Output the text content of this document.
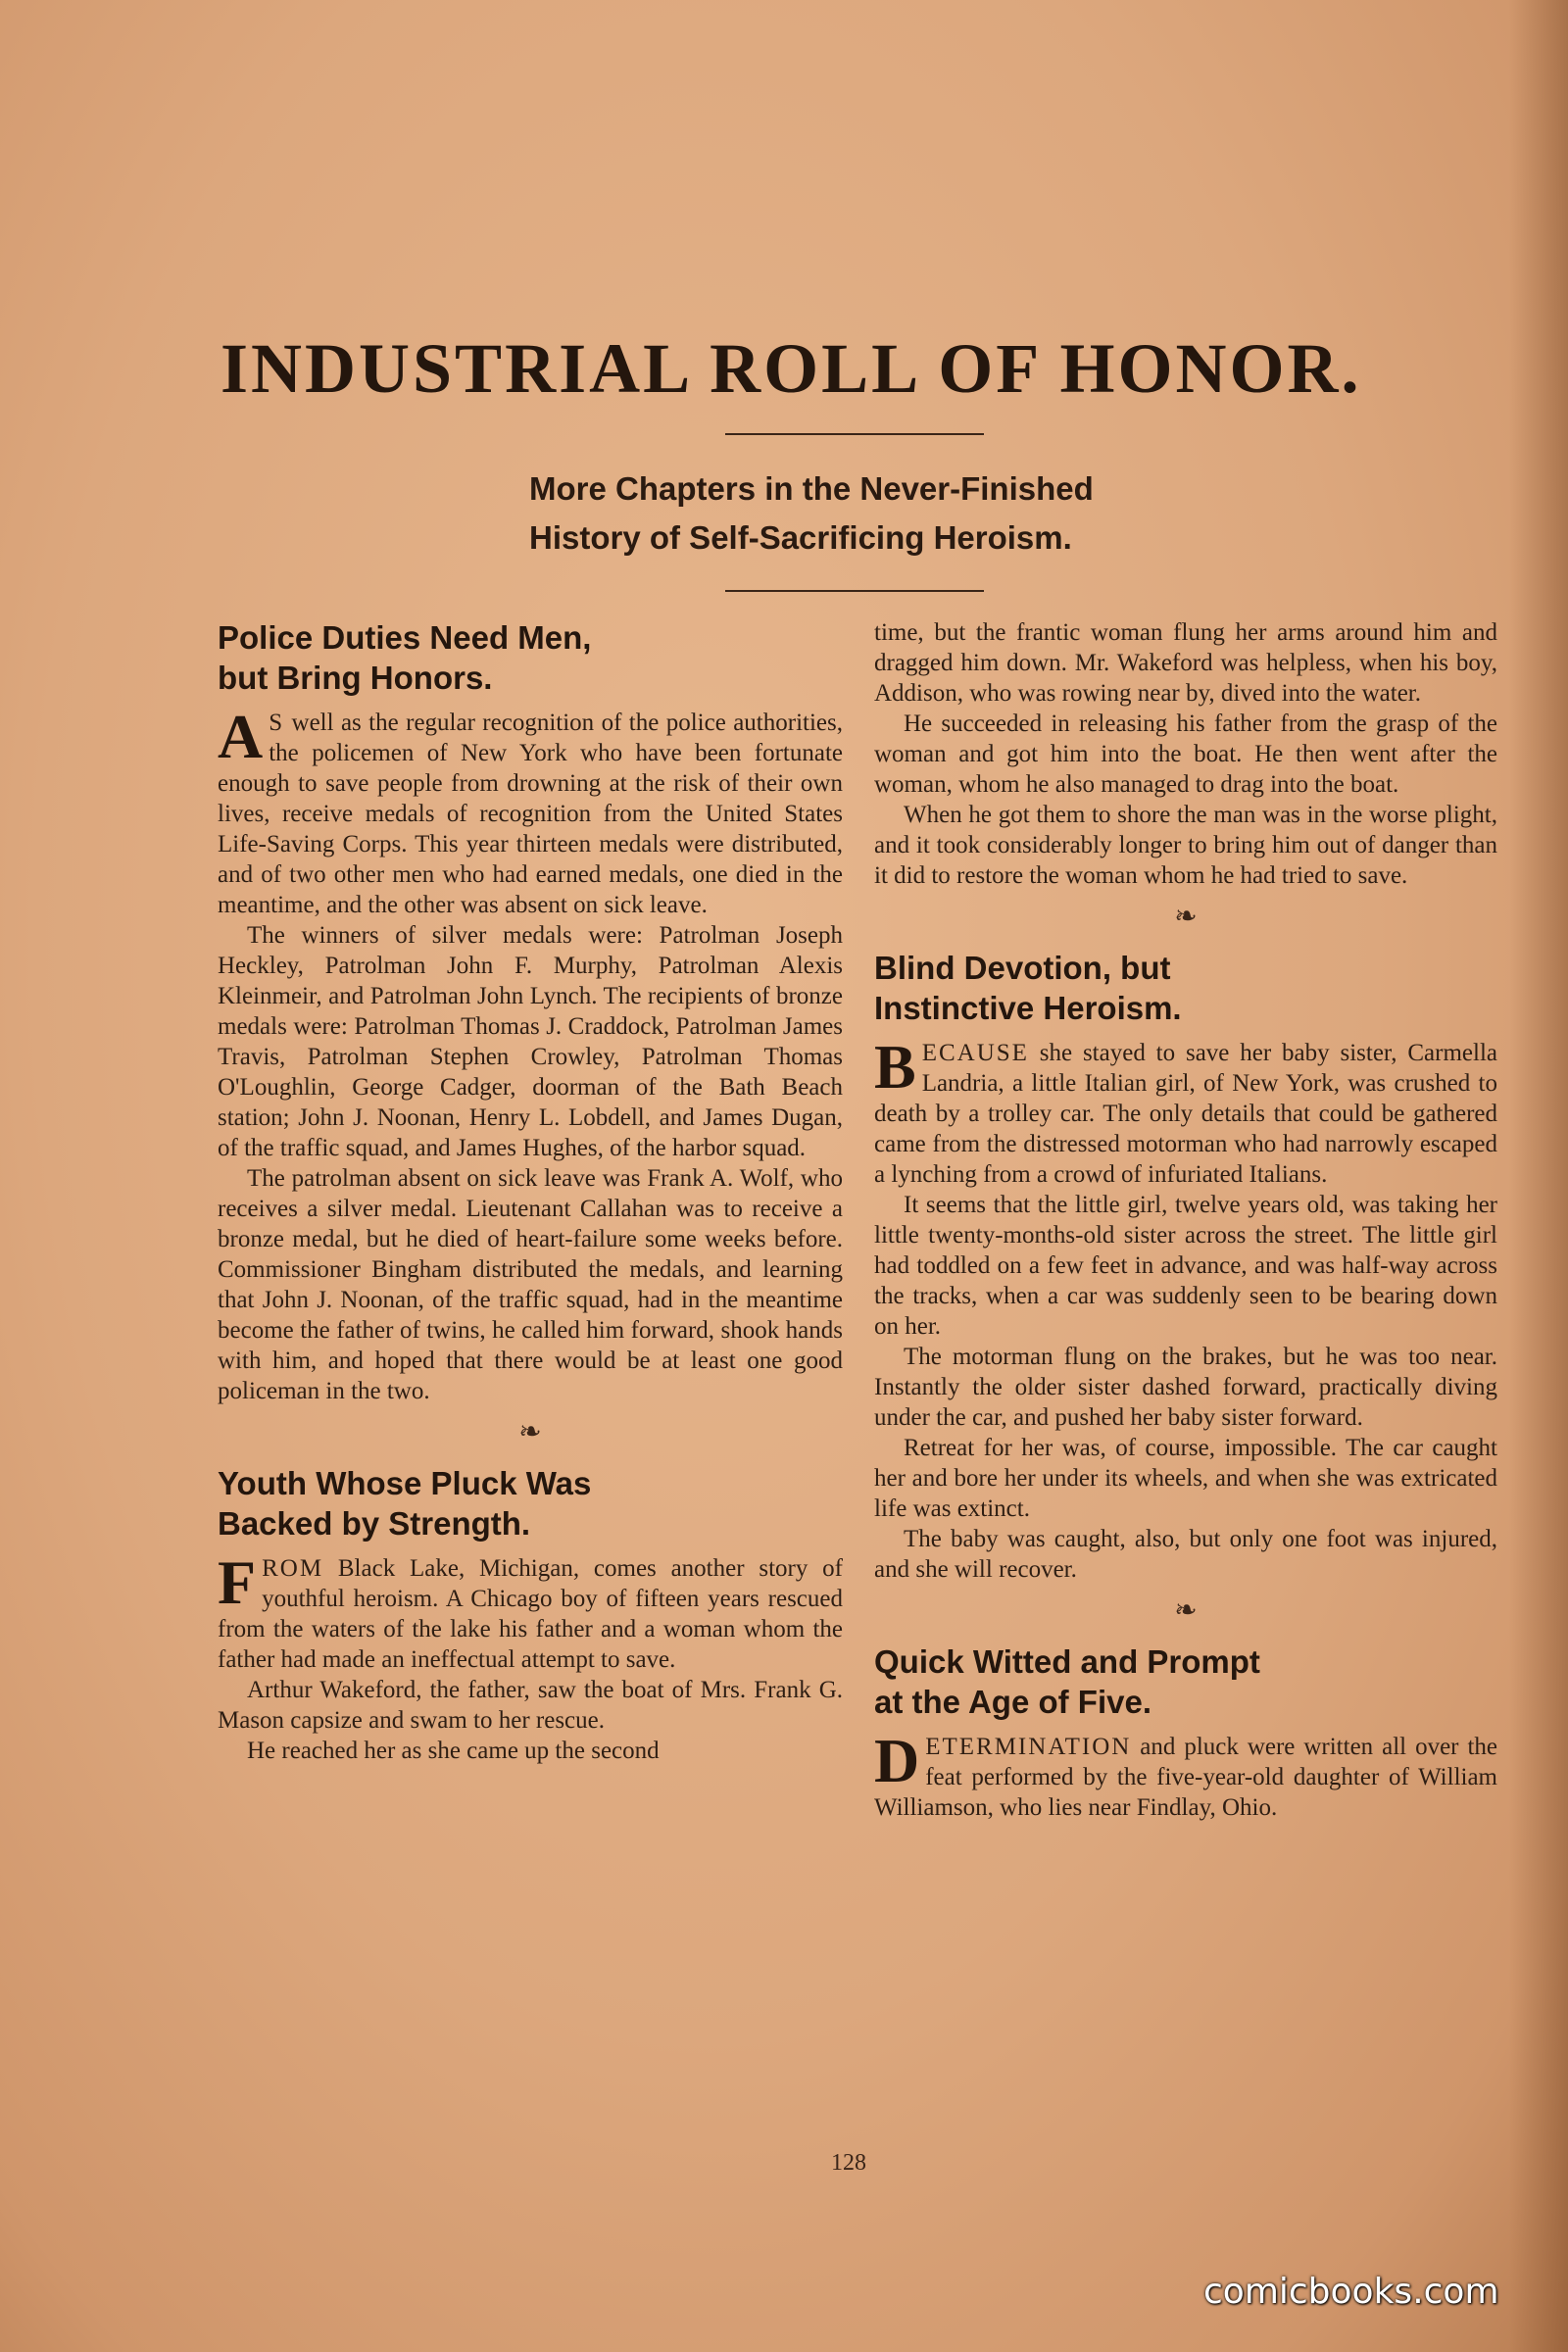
INDUSTRIAL ROLL OF HONOR.
More Chapters in the Never-Finished
History of Self-Sacrificing Heroism.
Police Duties Need Men,
but Bring Honors.

A S well as the regular recognition of the police authorities, the policemen of New York who have been fortunate enough to save people from drowning at the risk of their own lives, receive medals of recognition from the United States Life-Saving Corps. This year thirteen medals were distributed, and of two other men who had earned medals, one died in the meantime, and the other was absent on sick leave.

The winners of silver medals were: Patrolman Joseph Heckley, Patrolman John F. Murphy, Patrolman Alexis Kleinmeir, and Patrolman John Lynch. The recipients of bronze medals were: Patrolman Thomas J. Craddock, Patrolman James Travis, Patrolman Stephen Crowley, Patrolman Thomas O'Loughlin, George Cadger, doorman of the Bath Beach station; John J. Noonan, Henry L. Lobdell, and James Dugan, of the traffic squad, and James Hughes, of the harbor squad.

The patrolman absent on sick leave was Frank A. Wolf, who receives a silver medal. Lieutenant Callahan was to receive a bronze medal, but he died of heart-failure some weeks before. Commissioner Bingham distributed the medals, and learning that John J. Noonan, of the traffic squad, had in the meantime become the father of twins, he called him forward, shook hands with him, and hoped that there would be at least one good policeman in the two.

❧
Youth Whose Pluck Was
Backed by Strength.

FROM Black Lake, Michigan, comes another story of youthful heroism. A Chicago boy of fifteen years rescued from the waters of the lake his father and a woman whom the father had made an ineffectual attempt to save.

Arthur Wakeford, the father, saw the boat of Mrs. Frank G. Mason capsize and swam to her rescue.

He reached her as she came up the second

time, but the frantic woman flung her arms around him and dragged him down. Mr. Wakeford was helpless, when his boy, Addison, who was rowing near by, dived into the water.

He succeeded in releasing his father from the grasp of the woman and got him into the boat. He then went after the woman, whom he also managed to drag into the boat.

When he got them to shore the man was in the worse plight, and it took considerably longer to bring him out of danger than it did to restore the woman whom he had tried to save.

❧
Blind Devotion, but
Instinctive Heroism.

BECAUSE she stayed to save her baby sister, Carmella Landria, a little Italian girl, of New York, was crushed to death by a trolley car. The only details that could be gathered came from the distressed motorman who had narrowly escaped a lynching from a crowd of infuriated Italians.

It seems that the little girl, twelve years old, was taking her little twenty-months-old sister across the street. The little girl had toddled on a few feet in advance, and was half-way across the tracks, when a car was suddenly seen to be bearing down on her.

The motorman flung on the brakes, but he was too near. Instantly the older sister dashed forward, practically diving under the car, and pushed her baby sister forward.

Retreat for her was, of course, impossible. The car caught her and bore her under its wheels, and when she was extricated life was extinct.

The baby was caught, also, but only one foot was injured, and she will recover.

❧
Quick Witted and Prompt
at the Age of Five.

DETERMINATION and pluck were written all over the feat performed by the five-year-old daughter of William Williamson, who lies near Findlay, Ohio.

128
comicbooks.com
